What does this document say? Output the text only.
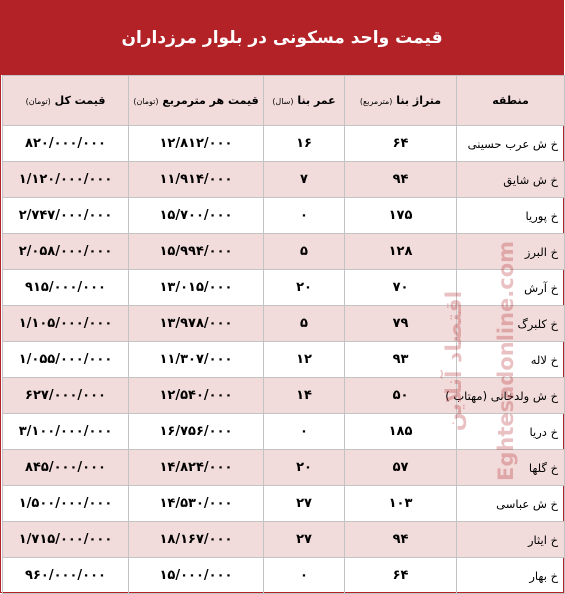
قیمت واحد مسکونی در بلوار مرزداران
منطقه	متراژ بنا (مترمربع)	عمر بنا (سال)	قیمت هر مترمربع (تومان)	قیمت کل (تومان)
خ ش عرب حسینی	۶۴	۱۶	۱۲/۸۱۲/۰۰۰	۸۲۰/۰۰۰/۰۰۰
خ ش شایق	۹۴	۷	۱۱/۹۱۴/۰۰۰	۱/۱۲۰/۰۰۰/۰۰۰
خ پوریا	۱۷۵	۰	۱۵/۷۰۰/۰۰۰	۲/۷۴۷/۰۰۰/۰۰۰
خ البرز	۱۲۸	۵	۱۵/۹۹۴/۰۰۰	۲/۰۵۸/۰۰۰/۰۰۰
خ آرش	۷۰	۲۰	۱۳/۰۱۵/۰۰۰	۹۱۵/۰۰۰/۰۰۰
خ کلبرگ	۷۹	۵	۱۳/۹۷۸/۰۰۰	۱/۱۰۵/۰۰۰/۰۰۰
خ لاله	۹۳	۱۲	۱۱/۳۰۷/۰۰۰	۱/۰۵۵/۰۰۰/۰۰۰
خ ش ولدخانی (مهتاب )	۵۰	۱۴	۱۲/۵۴۰/۰۰۰	۶۲۷/۰۰۰/۰۰۰
خ دریا	۱۸۵	۰	۱۶/۷۵۶/۰۰۰	۳/۱۰۰/۰۰۰/۰۰۰
خ گلها	۵۷	۲۰	۱۴/۸۲۴/۰۰۰	۸۴۵/۰۰۰/۰۰۰
خ ش عباسی	۱۰۳	۲۷	۱۴/۵۳۰/۰۰۰	۱/۵۰۰/۰۰۰/۰۰۰
خ ایثار	۹۴	۲۷	۱۸/۱۶۷/۰۰۰	۱/۷۱۵/۰۰۰/۰۰۰
خ بهار	۶۴	۰	۱۵/۰۰۰/۰۰۰	۹۶۰/۰۰۰/۰۰۰
اقتصاد آنلاین Eghtesadonline.com
